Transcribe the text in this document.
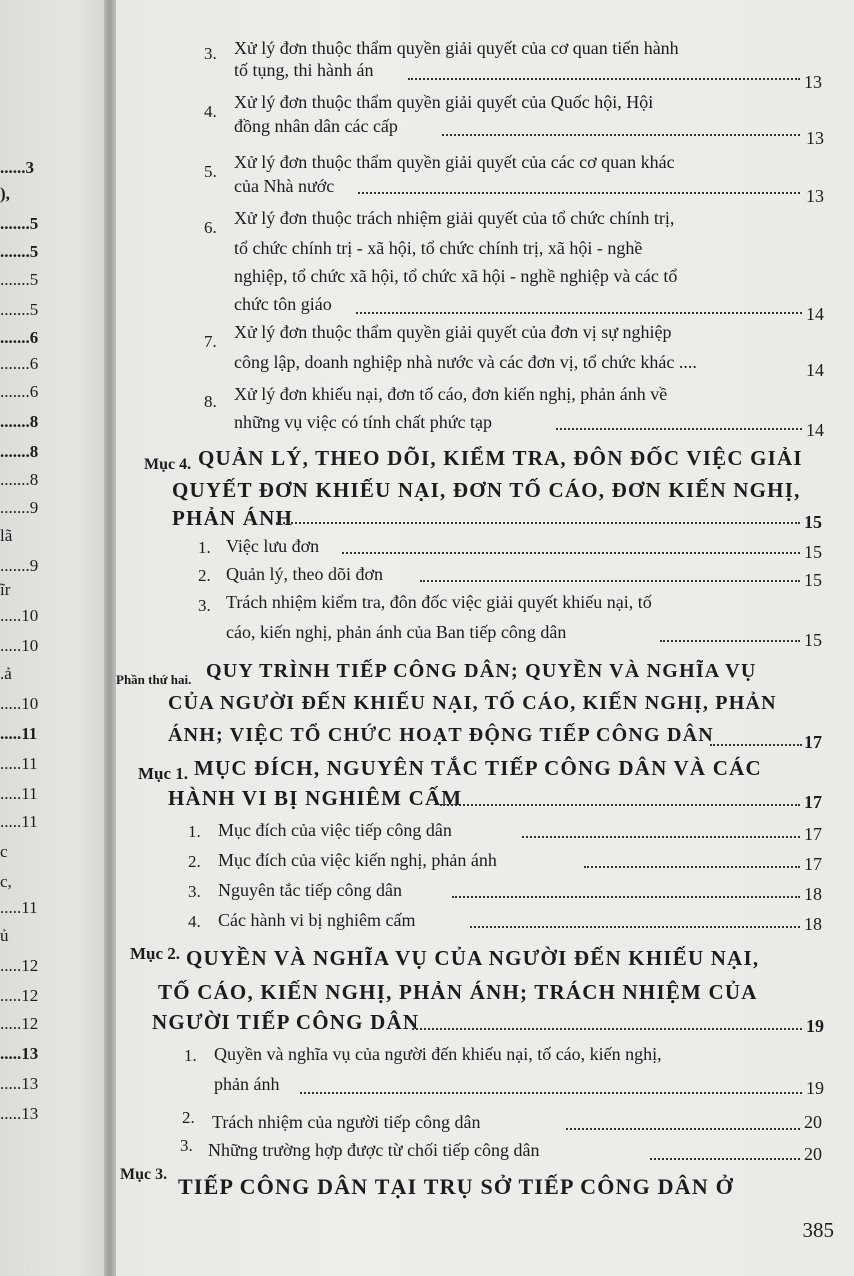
......3
),
.......5
.......5
.......5
.......5
.......6
.......6
.......6
.......8
.......8
.......8
.......9
lã
.......9
ĩr
.....10
.....10
.ả
.....10
.....11
.....11
.....11
.....11
c
c,
.....11
ủ
.....12
.....12
.....12
.....13
.....13
.....13
3. Xử lý đơn thuộc thẩm quyền giải quyết của cơ quan tiến hành
tố tụng, thi hành án
13
4. Xử lý đơn thuộc thẩm quyền giải quyết của Quốc hội, Hội
đồng nhân dân các cấp
13
5. Xử lý đơn thuộc thẩm quyền giải quyết của các cơ quan khác
của Nhà nước	13
6. Xử lý đơn thuộc trách nhiệm giải quyết của tổ chức chính trị,
tổ chức chính trị - xã hội, tổ chức chính trị, xã hội - nghề
nghiệp, tổ chức xã hội, tổ chức xã hội - nghề nghiệp và các tổ
chức tôn giáo	14
7. Xử lý đơn thuộc thẩm quyền giải quyết của đơn vị sự nghiệp
công lập, doanh nghiệp nhà nước và các đơn vị, tổ chức khác ....	14
8. Xử lý đơn khiếu nại, đơn tố cáo, đơn kiến nghị, phản ánh về
những vụ việc có tính chất phức tạp	14
Mục 4. QUẢN LÝ, THEO DÕI, KIỂM TRA, ĐÔN ĐỐC VIỆC GIẢI
QUYẾT ĐƠN KHIẾU NẠI, ĐƠN TỐ CÁO, ĐƠN KIẾN NGHỊ,
PHẢN ÁNH	15
1. Việc lưu đơn	15
2. Quản lý, theo dõi đơn	15
3. Trách nhiệm kiểm tra, đôn đốc việc giải quyết khiếu nại, tố
cáo, kiến nghị, phản ánh của Ban tiếp công dân	15
Phần thứ hai. QUY TRÌNH TIẾP CÔNG DÂN; QUYỀN VÀ NGHĨA VỤ
CỦA NGƯỜI ĐẾN KHIẾU NẠI, TỐ CÁO, KIẾN NGHỊ, PHẢN
ÁNH; VIỆC TỔ CHỨC HOẠT ĐỘNG TIẾP CÔNG DÂN	17
Mục 1. MỤC ĐÍCH, NGUYÊN TẮC TIẾP CÔNG DÂN VÀ CÁC
HÀNH VI BỊ NGHIÊM CẤM	17
1. Mục đích của việc tiếp công dân	17
2. Mục đích của việc kiến nghị, phản ánh	17
3. Nguyên tắc tiếp công dân	18
4. Các hành vi bị nghiêm cấm	18
Mục 2. QUYỀN VÀ NGHĨA VỤ CỦA NGƯỜI ĐẾN KHIẾU NẠI,
TỐ CÁO, KIẾN NGHỊ, PHẢN ÁNH; TRÁCH NHIỆM CỦA
NGƯỜI TIẾP CÔNG DÂN	19
1. Quyền và nghĩa vụ của người đến khiếu nại, tố cáo, kiến nghị,
phản ánh	19
2. Trách nhiệm của người tiếp công dân	20
3. Những trường hợp được từ chối tiếp công dân	20
Mục 3. TIẾP CÔNG DÂN TẠI TRỤ SỞ TIẾP CÔNG DÂN Ở
385
